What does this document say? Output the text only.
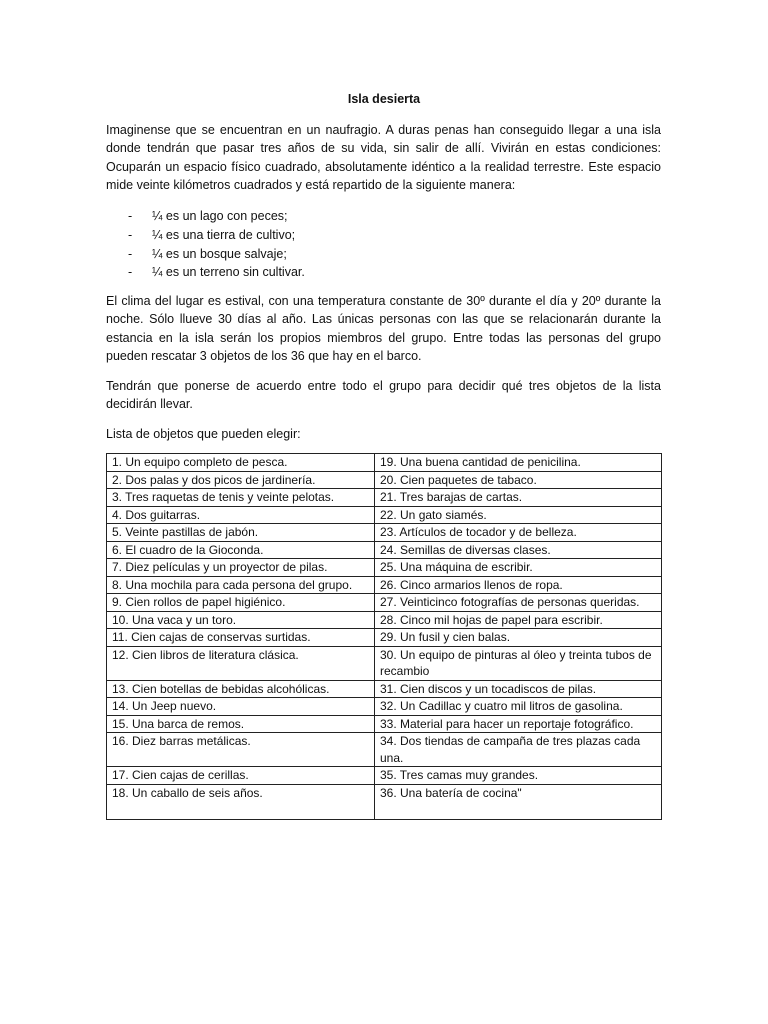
Isla desierta

Imaginense que se encuentran en un naufragio. A duras penas han conseguido llegar a una isla donde tendrán que pasar tres años de su vida, sin salir de allí. Vivirán en estas condiciones: Ocuparán un espacio físico cuadrado, absolutamente idéntico a la realidad terrestre. Este espacio mide veinte kilómetros cuadrados y está repartido de la siguiente manera:

- ¼ es un lago con peces;
- ¼ es una tierra de cultivo;
- ¼ es un bosque salvaje;
- ¼ es un terreno sin cultivar.

El clima del lugar es estival, con una temperatura constante de 30º durante el día y 20º durante la noche. Sólo llueve 30 días al año. Las únicas personas con las que se relacionarán durante la estancia en la isla serán los propios miembros del grupo. Entre todas las personas del grupo pueden rescatar 3 objetos de los 36 que hay en el barco.

Tendrán que ponerse de acuerdo entre todo el grupo para decidir qué tres objetos de la lista decidirán llevar.

Lista de objetos que pueden elegir:

1. Un equipo completo de pesca.	19. Una buena cantidad de penicilina.
2. Dos palas y dos picos de jardinería.	20. Cien paquetes de tabaco.
3. Tres raquetas de tenis y veinte pelotas.	21. Tres barajas de cartas.
4. Dos guitarras.	22. Un gato siamés.
5. Veinte pastillas de jabón.	23. Artículos de tocador y de belleza.
6. El cuadro de la Gioconda.	24. Semillas de diversas clases.
7. Diez películas y un proyector de pilas.	25. Una máquina de escribir.
8. Una mochila para cada persona del grupo.	26. Cinco armarios llenos de ropa.
9. Cien rollos de papel higiénico.	27. Veinticinco fotografías de personas queridas.
10. Una vaca y un toro.	28. Cinco mil hojas de papel para escribir.
11. Cien cajas de conservas surtidas.	29. Un fusil y cien balas.
12. Cien libros de literatura clásica.	30. Un equipo de pinturas al óleo y treinta tubos de recambio
13. Cien botellas de bebidas alcohólicas.	31. Cien discos y un tocadiscos de pilas.
14. Un Jeep nuevo.	32. Un Cadillac y cuatro mil litros de gasolina.
15. Una barca de remos.	33. Material para hacer un reportaje fotográfico.
16. Diez barras metálicas.	34. Dos tiendas de campaña de tres plazas cada una.
17. Cien cajas de cerillas.	35. Tres camas muy grandes.
18. Un caballo de seis años.	36. Una batería de cocina"
